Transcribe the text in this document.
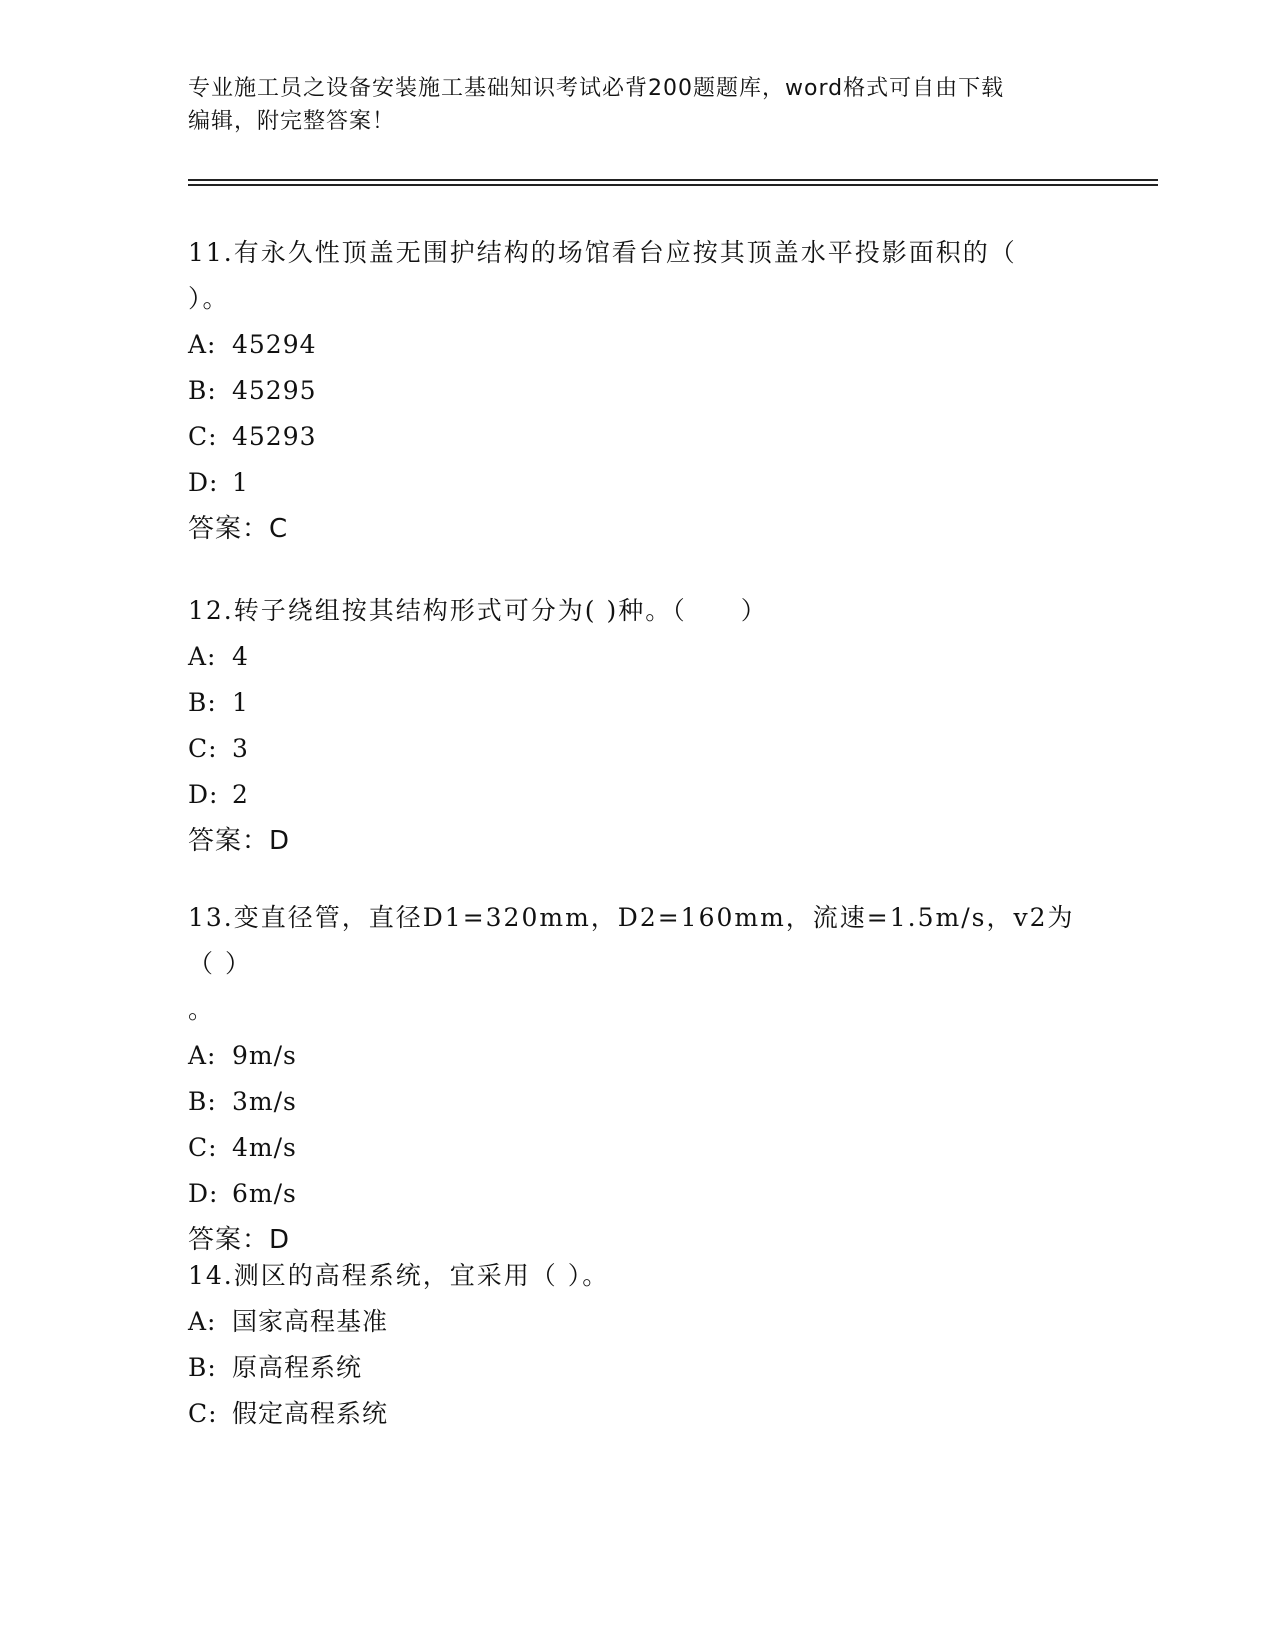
专业施工员之设备安装施工基础知识考试必背200题题库，word格式可自由下载
编辑，附完整答案！

11.有永久性顶盖无围护结构的场馆看台应按其顶盖水平投影面积的（

）。

A: 45294

B: 45295

C: 45293

D: 1

答案：C

12.转子绕组按其结构形式可分为( )种。（　　）

A: 4

B: 1

C: 3

D: 2

答案：D

13.变直径管，直径D1=320mm，D2=160mm，流速=1.5m/s，v2为（ ）

。

A: 9m/s

B: 3m/s

C: 4m/s

D: 6m/s

答案：D

14.测区的高程系统，宜采用（ ）。

A: 国家高程基准

B: 原高程系统

C: 假定高程系统
